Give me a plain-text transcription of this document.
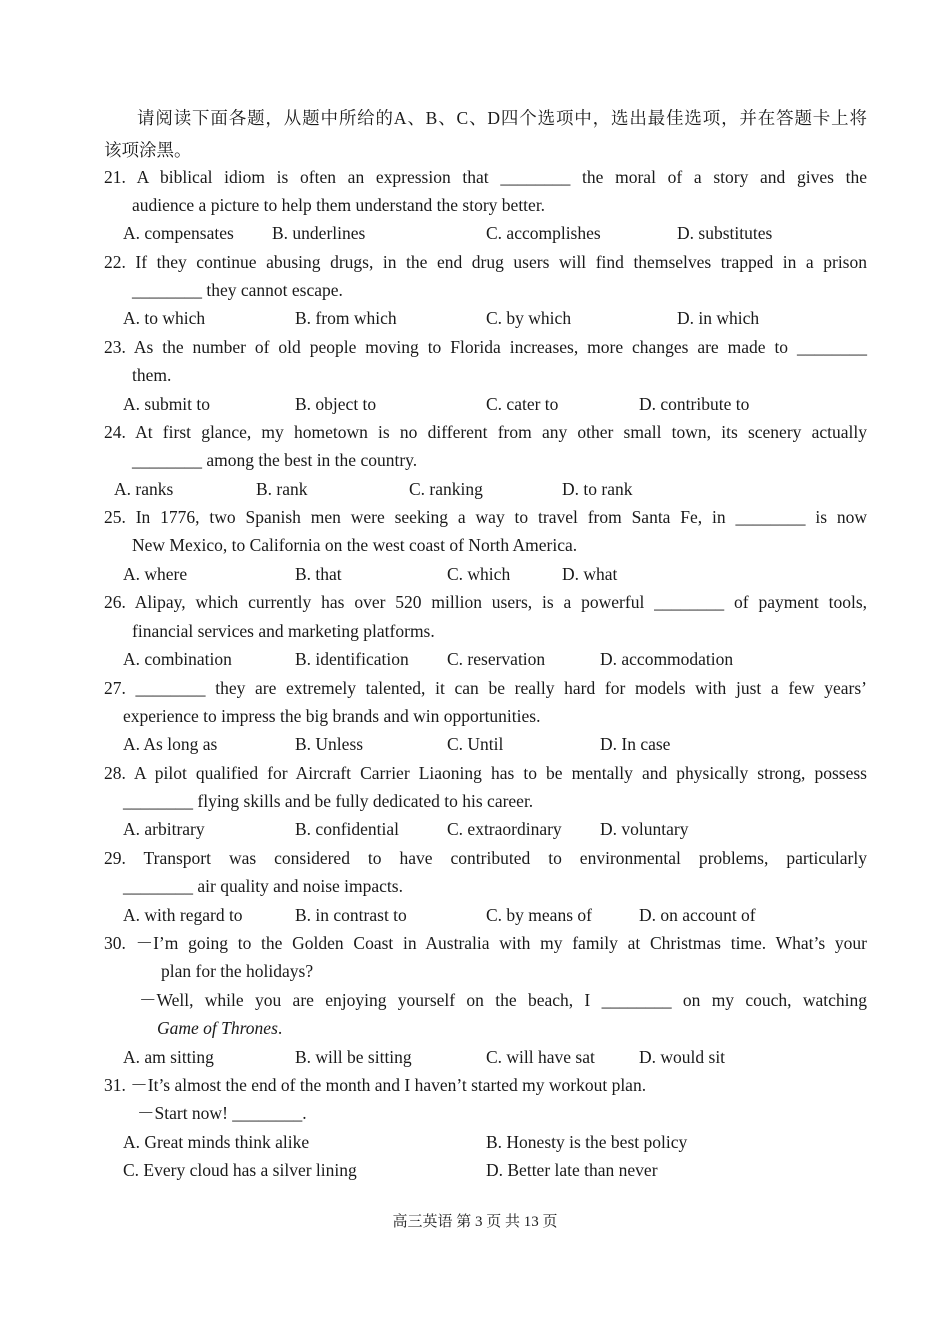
请阅读下面各题，从题中所给的A、B、C、D四个选项中，选出最佳选项，并在答题卡上将
该项涂黑。
21. A biblical idiom is often an expression that ________ the moral of a story and gives the
audience a picture to help them understand the story better.
A. compensates B. underlines	C. accomplishes	D. substitutes
22. If they continue abusing drugs, in the end drug users will find themselves trapped in a prison
________ they cannot escape.
A. to which	B. from which	C. by which	D. in which
23. As the number of old people moving to Florida increases, more changes are made to ________
them.
A. submit to	B. object to	C. cater to	D. contribute to
24. At first glance, my hometown is no different from any other small town, its scenery actually
________ among the best in the country.
A. ranks	B. rank	C. ranking	D. to rank
25. In 1776, two Spanish men were seeking a way to travel from Santa Fe, in ________ is now
New Mexico, to California on the west coast of North America.
A. where	B. that	C. which	D. what
26. Alipay, which currently has over 520 million users, is a powerful ________ of payment tools,
financial services and marketing platforms.
A. combination	B. identification C. reservation	D. accommodation
27. ________ they are extremely talented, it can be really hard for models with just a few years’
experience to impress the big brands and win opportunities.
A. As long as	B. Unless	C. Until	D. In case
28. A pilot qualified for Aircraft Carrier Liaoning has to be mentally and physically strong, possess
________ flying skills and be fully dedicated to his career.
A. arbitrary	B. confidential	C. extraordinary D. voluntary
29. Transport was considered to have contributed to environmental problems, particularly
________ air quality and noise impacts.
A. with regard to	B. in contrast to	C. by means of	D. on account of
30. －I’m going to the Golden Coast in Australia with my family at Christmas time. What’s your
plan for the holidays?
－Well, while you are enjoying yourself on the beach, I ________ on my couch, watching
Game of Thrones.
A. am sitting	B. will be sitting	C. will have sat	D. would sit
31. －It’s almost the end of the month and I haven’t started my workout plan.
－Start now! ________.
A. Great minds think alike	B. Honesty is the best policy
C. Every cloud has a silver lining	D. Better late than never
高三英语 第 3 页 共 13 页
